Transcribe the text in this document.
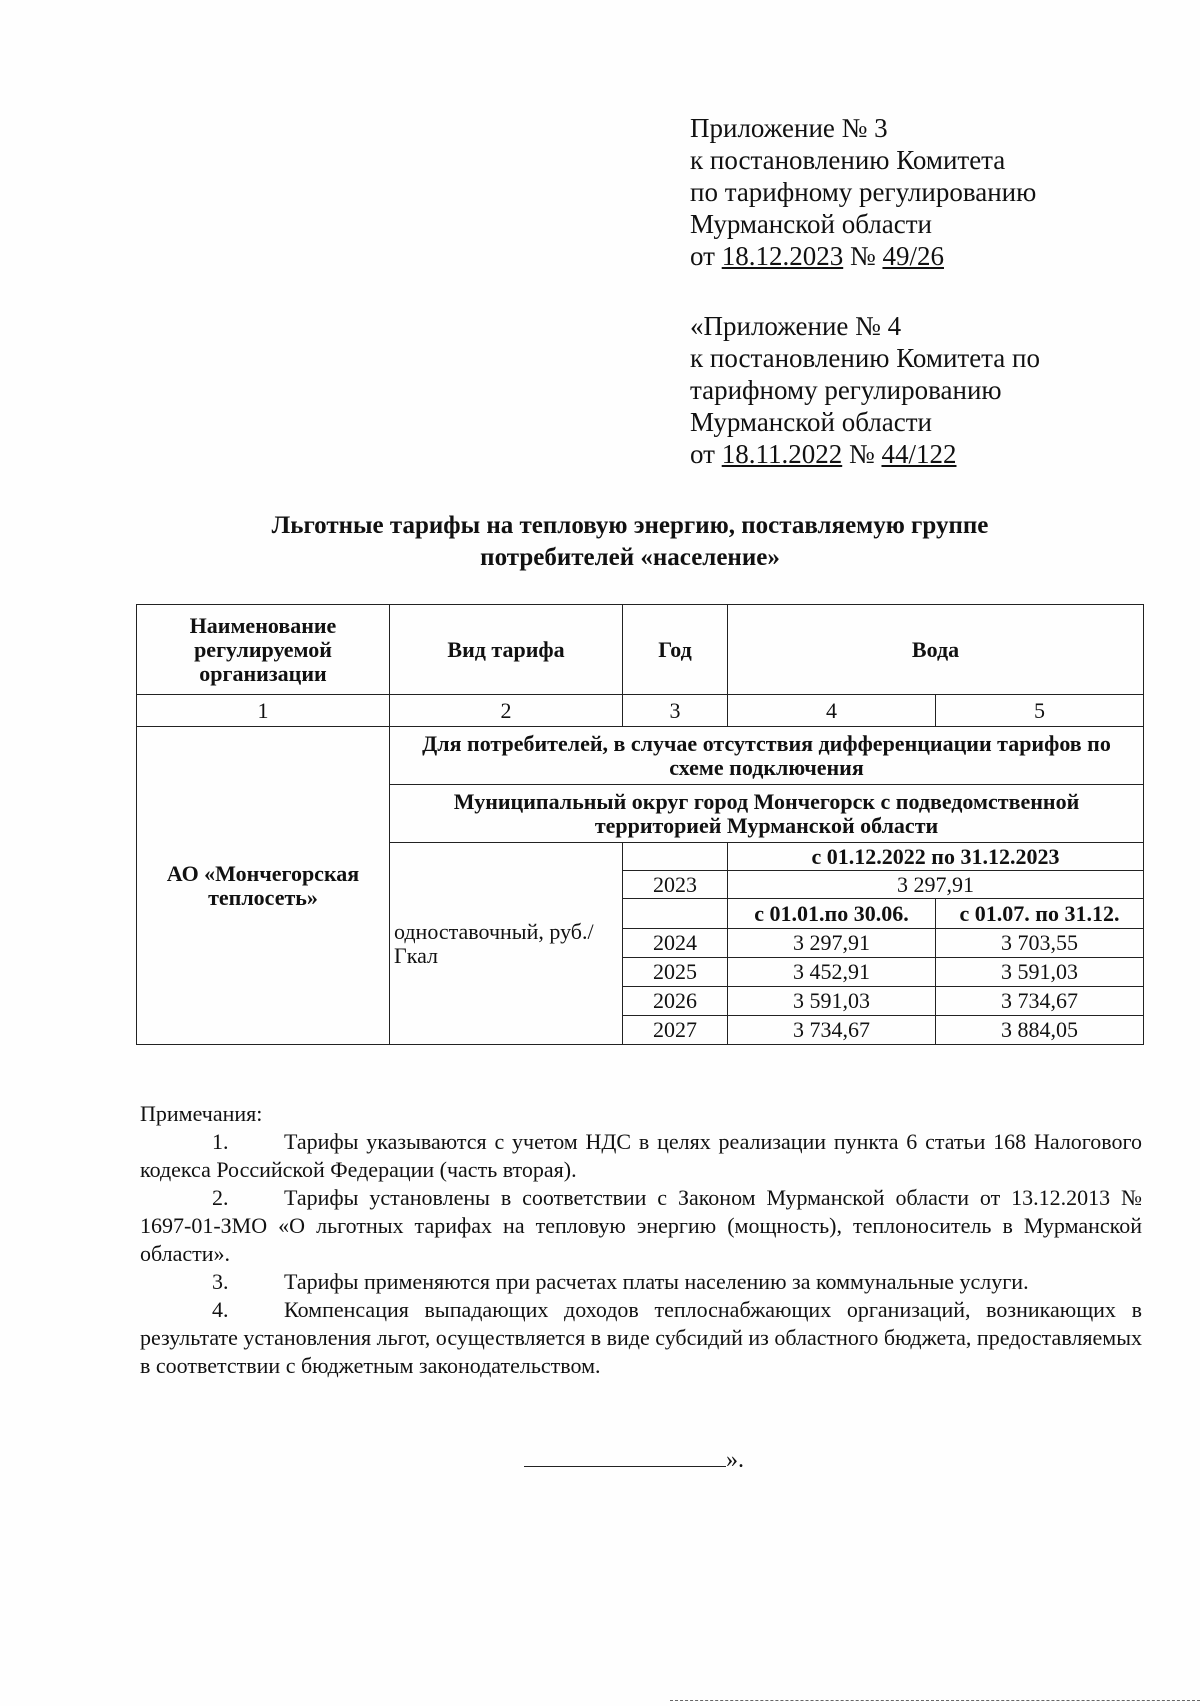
Приложение № 3

к постановлению Комитета

по тарифному регулированию

Мурманской области

от 18.12.2023 № 49/26

«Приложение № 4

к постановлению Комитета по

тарифному регулированию

Мурманской области

от 18.11.2022 № 44/122

Льготные тарифы на тепловую энергию, поставляемую группе

потребителей «население»

Наименование регулируемой организации	Вид тарифа	Год	Вода	
1	2	3	4	5
АО «Мончегорская теплосеть»	Для потребителей, в случае отсутствия дифференциации тарифов по схеме подключения			
	Муниципальный округ город Мончегорск с подведомственной территорией Мурманской области			
	одноставочный, руб./Гкал		с 01.12.2022 по 31.12.2023	
		2023	3 297,91	
			с 01.01.по 30.06.	с 01.07. по 31.12.
		2024	3 297,91	3 703,55
		2025	3 452,91	3 591,03
		2026	3 591,03	3 734,67
		2027	3 734,67	3 884,05

Примечания:

1.	Тарифы указываются с учетом НДС в целях реализации пункта 6 статьи 168 Налогового кодекса Российской Федерации (часть вторая).

2.	Тарифы установлены в соответствии с Законом Мурманской области от 13.12.2013 № 1697-01-ЗМО «О льготных тарифах на тепловую энергию (мощность), теплоноситель в Мурманской области».

3.	Тарифы применяются при расчетах платы населению за коммунальные услуги.

4.	Компенсация выпадающих доходов теплоснабжающих организаций, возникающих в результате установления льгот, осуществляется в виде субсидий из областного бюджета, предоставляемых в соответствии с бюджетным законодательством.

».
